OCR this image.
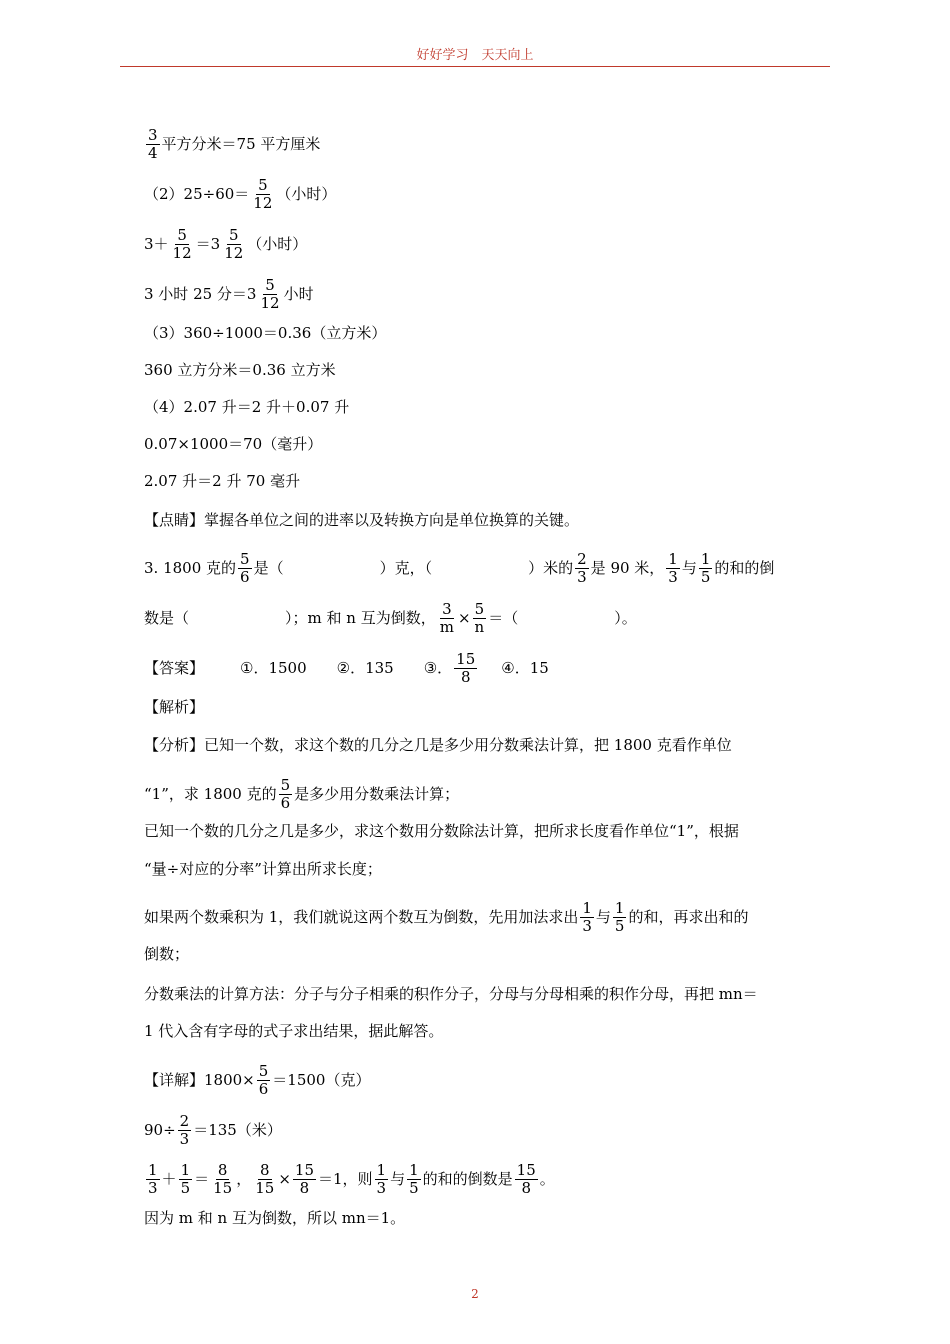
好好学习　天天向上
$\frac{3}{4}$ 平方分米＝75 平方厘米
$(2)25\div 60= \frac{5}{12}$ （小时）
$3+ \frac{5}{12} =3 \frac{5}{12}$ （小时）
3 小时 25 分$=3 \frac{5}{12}$ 小时
（3）360÷1000＝0.36（立方米）
360 立方分米＝0.36 立方米
（4）2.07 升＝2 升＋0.07 升
0.07×1000＝70（毫升）
2.07 升＝2 升 70 毫升
【点睛】掌握各单位之间的进率以及转换方向是单位换算的关键。
3. 1800 克的 $\frac{5}{6}$ 是（	）克，（	）米的 $\frac{2}{3}$ 是 90 米， $\frac{1}{3}$ 与 $\frac{1}{5}$ 的和的倒
数是（	）；m 和 n 互为倒数， $\frac{3}{m} \times \frac{5}{n}$ ＝（	）。
【答案】 ①．1500 ②．135 ③． $\frac{15}{8}$ ④．15
【解析】
【分析】已知一个数，求这个数的几分之几是多少用分数乘法计算，把 1800 克看作单位
“1”，求 1800 克的 $\frac{5}{6}$ 是多少用分数乘法计算；
已知一个数的几分之几是多少，求这个数用分数除法计算，把所求长度看作单位“1”，根据
“量÷对应的分率”计算出所求长度；
如果两个数乘积为 1，我们就说这两个数互为倒数，先用加法求出 $\frac{1}{3}$ 与 $\frac{1}{5}$ 的和，再求出和的
倒数；
分数乘法的计算方法：分子与分子相乘的积作分子，分母与分母相乘的积作分母，再把 mn＝
1 代入含有字母的式子求出结果，据此解答。
【详解】$1800\times \frac{5}{6} =1500$（克）
$90\div \frac{2}{3} =135$（米）
$\frac{1}{3} + \frac{1}{5} = \frac{8}{15}$ ， $\frac{8}{15} \times \frac{15}{8} =1$，则 $\frac{1}{3}$ 与 $\frac{1}{5}$ 的和的倒数是 $\frac{15}{8}$ 。
因为 m 和 n 互为倒数，所以 mn＝1。
2
